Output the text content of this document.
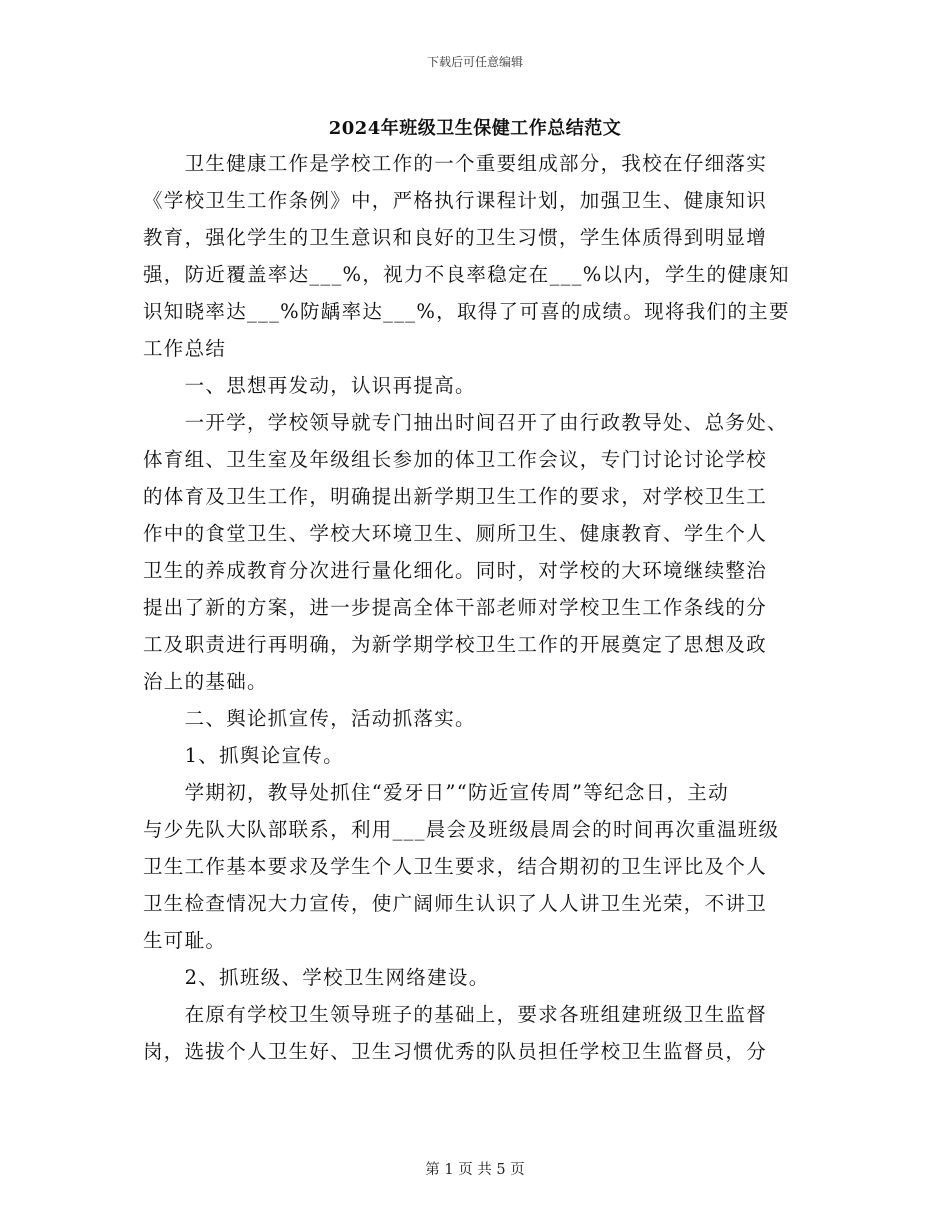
下载后可任意编辑
2024年班级卫生保健工作总结范文
　　卫生健康工作是学校工作的一个重要组成部分，我校在仔细落实
《学校卫生工作条例》中，严格执行课程计划，加强卫生、健康知识
教育，强化学生的卫生意识和良好的卫生习惯，学生体质得到明显增
强，防近覆盖率达___%，视力不良率稳定在___%以内，学生的健康知
识知晓率达___%防龋率达___%，取得了可喜的成绩。现将我们的主要
工作总结
　　一、思想再发动，认识再提高。
　　一开学，学校领导就专门抽出时间召开了由行政教导处、总务处、
体育组、卫生室及年级组长参加的体卫工作会议，专门讨论讨论学校
的体育及卫生工作，明确提出新学期卫生工作的要求，对学校卫生工
作中的食堂卫生、学校大环境卫生、厕所卫生、健康教育、学生个人
卫生的养成教育分次进行量化细化。同时，对学校的大环境继续整治
提出了新的方案，进一步提高全体干部老师对学校卫生工作条线的分
工及职责进行再明确，为新学期学校卫生工作的开展奠定了思想及政
治上的基础。
　　二、舆论抓宣传，活动抓落实。
　　1、抓舆论宣传。
　　学期初，教导处抓住“爱牙日”“防近宣传周”等纪念日，主动
与少先队大队部联系，利用___晨会及班级晨周会的时间再次重温班级
卫生工作基本要求及学生个人卫生要求，结合期初的卫生评比及个人
卫生检查情况大力宣传，使广阔师生认识了人人讲卫生光荣，不讲卫
生可耻。
　　2、抓班级、学校卫生网络建设。
　　在原有学校卫生领导班子的基础上，要求各班组建班级卫生监督
岗，选拔个人卫生好、卫生习惯优秀的队员担任学校卫生监督员，分
第 1 页 共 5 页
